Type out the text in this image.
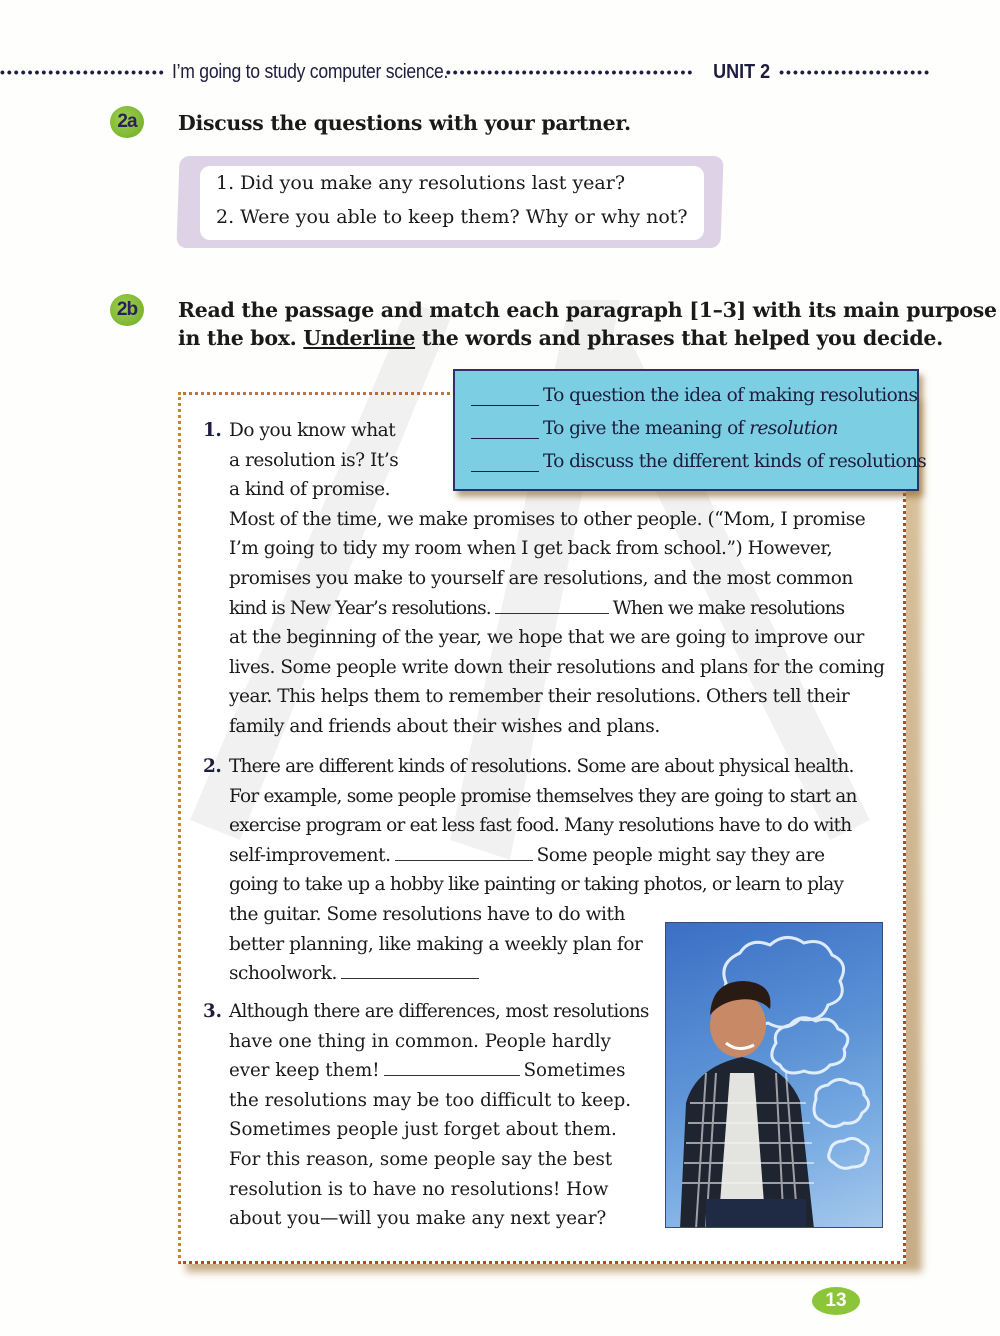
•••••••••••••••••••••••• I’m going to study computer science.
•••••••••••••••••••••••••••••••••••• UNIT 2 ••••••••••••••••••••••
2a	Discuss the questions with your partner.
1. Did you make any resolutions last year?
2. Were you able to keep them? Why or why not?
2b	Read the passage and match each paragraph [1–3] with its main purpose
in the box. Underline the words and phrases that helped you decide.
To question the idea of making resolutions
To give the meaning of resolution
To discuss the different kinds of resolutions
1. Do you know what
a resolution is? It’s
a kind of promise.
Most of the time, we make promises to other people. (“Mom, I promise
I’m going to tidy my room when I get back from school.”) However,
promises you make to yourself are resolutions, and the most common
kind is New Year’s resolutions.	When we make resolutions
at the beginning of the year, we hope that we are going to improve our
lives. Some people write down their resolutions and plans for the coming
year. This helps them to remember their resolutions. Others tell their
family and friends about their wishes and plans.
2. There are different kinds of resolutions. Some are about physical health.
For example, some people promise themselves they are going to start an
exercise program or eat less fast food. Many resolutions have to do with
self-improvement.	Some people might say they are
going to take up a hobby like painting or taking photos, or learn to play
the guitar. Some resolutions have to do with
better planning, like making a weekly plan for
schoolwork.
3. Although there are differences, most resolutions
have one thing in common. People hardly
ever keep them!	Sometimes
the resolutions may be too difficult to keep.
Sometimes people just forget about them.
For this reason, some people say the best
resolution is to have no resolutions! How
about you—will you make any next year?
13
